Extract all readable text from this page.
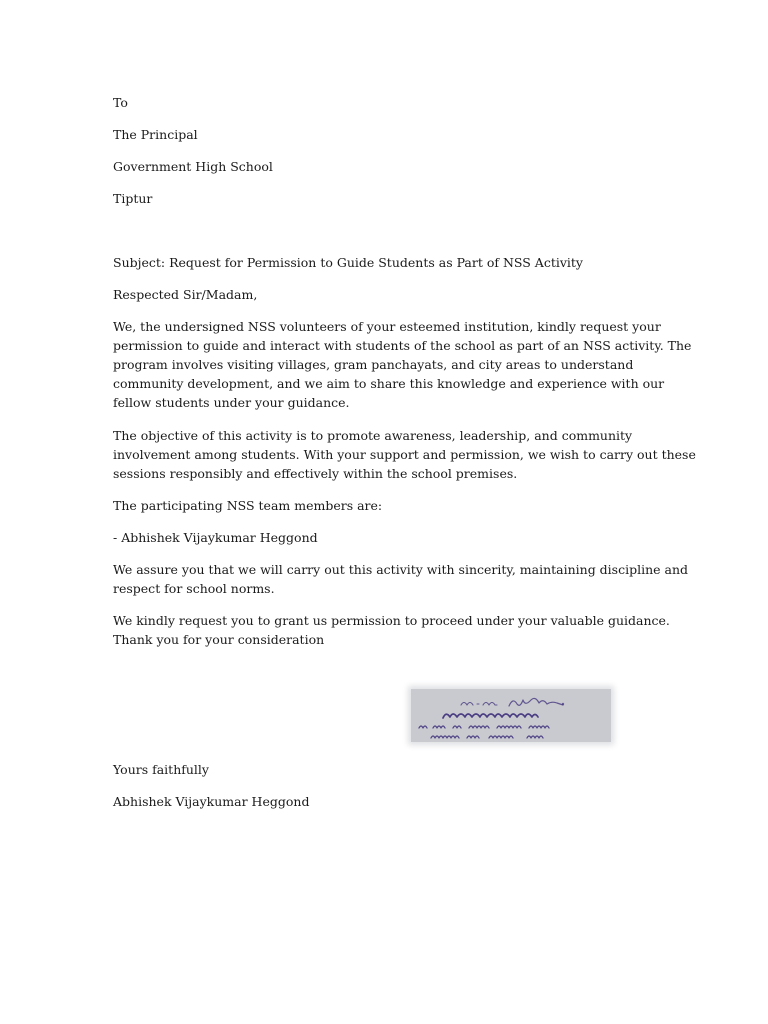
To
The Principal
Government High School
Tiptur
Subject: Request for Permission to Guide Students as Part of NSS Activity
Respected Sir/Madam,
We, the undersigned NSS volunteers of your esteemed institution, kindly request your
permission to guide and interact with students of the school as part of an NSS activity. The
program involves visiting villages, gram panchayats, and city areas to understand
community development, and we aim to share this knowledge and experience with our
fellow students under your guidance.
The objective of this activity is to promote awareness, leadership, and community
involvement among students. With your support and permission, we wish to carry out these
sessions responsibly and effectively within the school premises.
The participating NSS team members are:
- Abhishek Vijaykumar Heggond
We assure you that we will carry out this activity with sincerity, maintaining discipline and
respect for school norms.
We kindly request you to grant us permission to proceed under your valuable guidance.
Thank you for your consideration
Yours faithfully
Abhishek Vijaykumar Heggond
